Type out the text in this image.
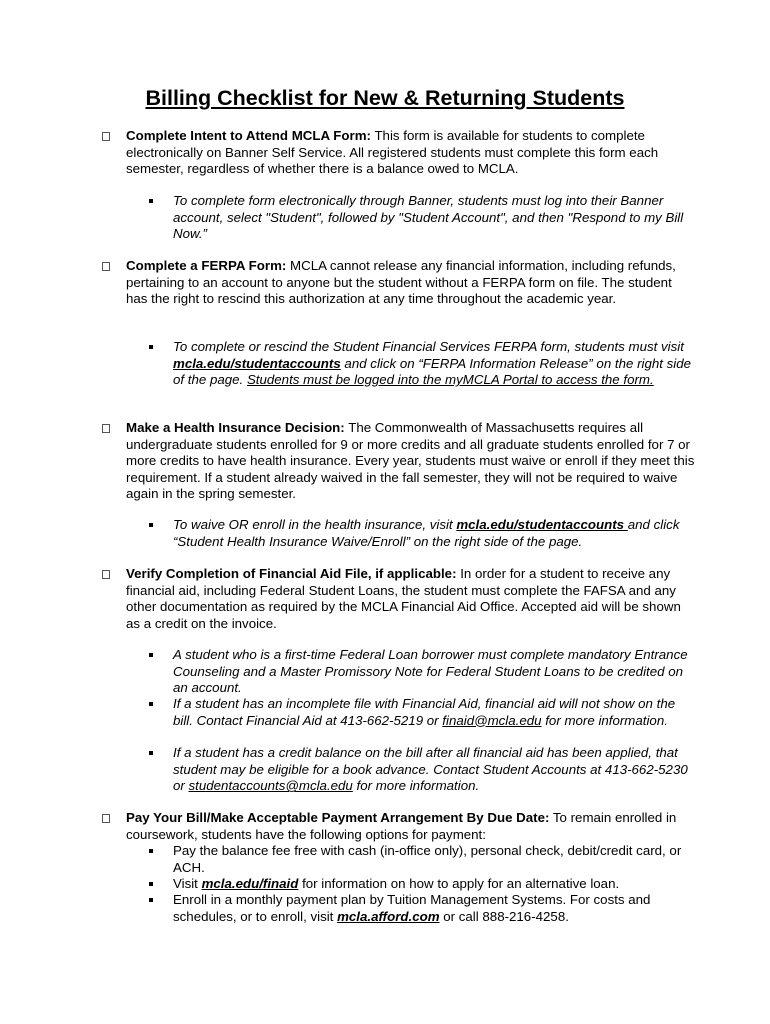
Billing Checklist for New & Returning Students

Complete Intent to Attend MCLA Form: This form is available for students to complete electronically on Banner Self Service. All registered students must complete this form each semester, regardless of whether there is a balance owed to MCLA.

To complete form electronically through Banner, students must log into their Banner account, select "Student", followed by "Student Account", and then "Respond to my Bill Now.”

Complete a FERPA Form: MCLA cannot release any financial information, including refunds, pertaining to an account to anyone but the student without a FERPA form on file. The student has the right to rescind this authorization at any time throughout the academic year.

To complete or rescind the Student Financial Services FERPA form, students must visit mcla.edu/studentaccounts and click on “FERPA Information Release” on the right side of the page. Students must be logged into the myMCLA Portal to access the form.

Make a Health Insurance Decision: The Commonwealth of Massachusetts requires all undergraduate students enrolled for 9 or more credits and all graduate students enrolled for 7 or more credits to have health insurance. Every year, students must waive or enroll if they meet this requirement. If a student already waived in the fall semester, they will not be required to waive again in the spring semester.

To waive OR enroll in the health insurance, visit mcla.edu/studentaccounts and click “Student Health Insurance Waive/Enroll” on the right side of the page.

Verify Completion of Financial Aid File, if applicable: In order for a student to receive any financial aid, including Federal Student Loans, the student must complete the FAFSA and any other documentation as required by the MCLA Financial Aid Office. Accepted aid will be shown as a credit on the invoice.

A student who is a first-time Federal Loan borrower must complete mandatory Entrance Counseling and a Master Promissory Note for Federal Student Loans to be credited on an account.

If a student has an incomplete file with Financial Aid, financial aid will not show on the bill. Contact Financial Aid at 413-662-5219 or finaid@mcla.edu for more information.

If a student has a credit balance on the bill after all financial aid has been applied, that student may be eligible for a book advance. Contact Student Accounts at 413-662-5230 or studentaccounts@mcla.edu for more information.

Pay Your Bill/Make Acceptable Payment Arrangement By Due Date: To remain enrolled in coursework, students have the following options for payment:

Pay the balance fee free with cash (in-office only), personal check, debit/credit card, or ACH.

Visit mcla.edu/finaid for information on how to apply for an alternative loan.

Enroll in a monthly payment plan by Tuition Management Systems. For costs and schedules, or to enroll, visit mcla.afford.com or call 888-216-4258.
